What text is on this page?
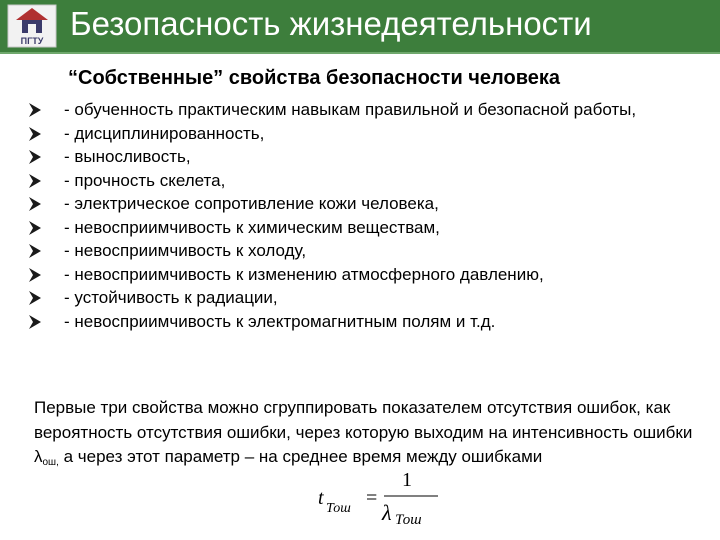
ПГТУ Безопасность жизнедеятельности
“Собственные” свойства безопасности человека
- обученность практическим навыкам правильной и безопасной работы,
- дисциплинированность,
- выносливость,
- прочность скелета,
- электрическое сопротивление кожи человека,
- невосприимчивость к химическим веществам,
- невосприимчивость к холоду,
- невосприимчивость к изменению атмосферного давлению,
- устойчивость к радиации,
- невосприимчивость к электромагнитным полям и т.д.
Первые три свойства можно сгруппировать показателем отсутствия ошибок, как вероятность отсутствия ошибки, через которую выходим на интенсивность ошибки $\lambda_{ош,}$ а через этот параметр – на среднее время между ошибками
t Тош =
1
λ Тош
